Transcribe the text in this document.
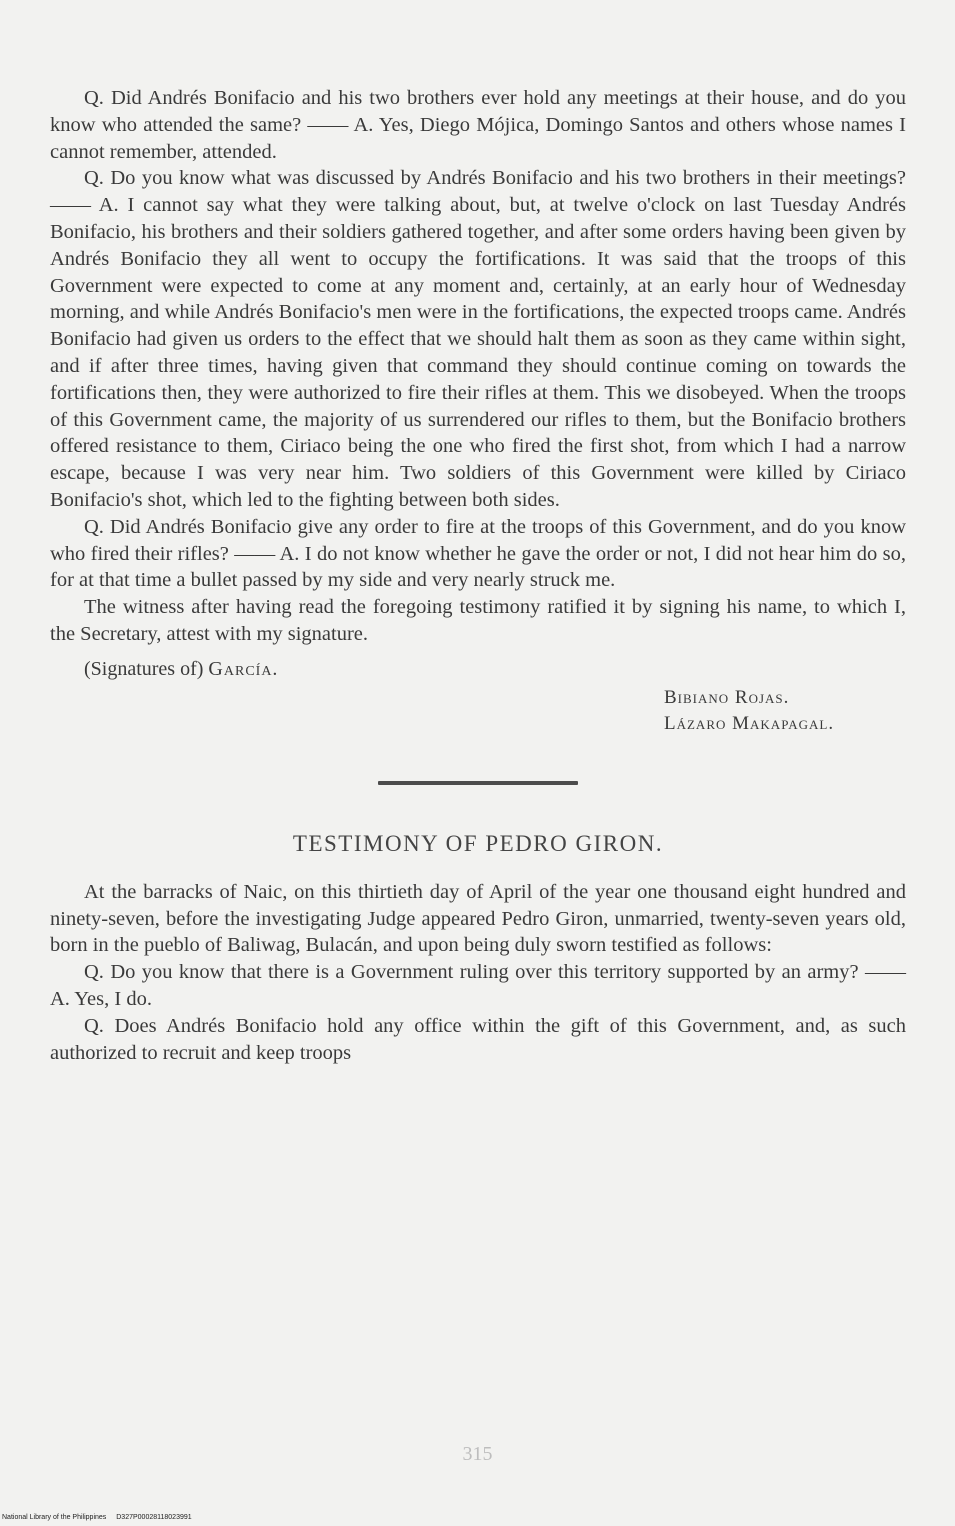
Q. Did Andrés Bonifacio and his two brothers ever hold any meetings at their house, and do you know who attended the same? —— A. Yes, Diego Mójica, Domingo Santos and others whose names I cannot remember, attended.

Q. Do you know what was discussed by Andrés Bonifacio and his two brothers in their meetings? —— A. I cannot say what they were talking about, but, at twelve o'clock on last Tuesday Andrés Bonifacio, his brothers and their soldiers gathered together, and after some orders having been given by Andrés Bonifacio they all went to occupy the fortifications. It was said that the troops of this Government were expected to come at any moment and, certainly, at an early hour of Wednesday morning, and while Andrés Bonifacio's men were in the fortifications, the expected troops came. Andrés Bonifacio had given us orders to the effect that we should halt them as soon as they came within sight, and if after three times, having given that command they should continue coming on towards the fortifications then, they were authorized to fire their rifles at them. This we disobeyed. When the troops of this Government came, the majority of us surrendered our rifles to them, but the Bonifacio brothers offered resistance to them, Ciriaco being the one who fired the first shot, from which I had a narrow escape, because I was very near him. Two soldiers of this Government were killed by Ciriaco Bonifacio's shot, which led to the fighting between both sides.

Q. Did Andrés Bonifacio give any order to fire at the troops of this Government, and do you know who fired their rifles? —— A. I do not know whether he gave the order or not, I did not hear him do so, for at that time a bullet passed by my side and very nearly struck me.

The witness after having read the foregoing testimony ratified it by signing his name, to which I, the Secretary, attest with my signature.

(Signatures of) García.
Bibiano Rojas.
Lázaro Makapagal.
TESTIMONY OF PEDRO GIRON.

At the barracks of Naic, on this thirtieth day of April of the year one thousand eight hundred and ninety-seven, before the investigating Judge appeared Pedro Giron, unmarried, twenty-seven years old, born in the pueblo of Baliwag, Bulacán, and upon being duly sworn testified as follows:

Q. Do you know that there is a Government ruling over this territory supported by an army? —— A. Yes, I do.

Q. Does Andrés Bonifacio hold any office within the gift of this Government, and, as such authorized to recruit and keep troops

315
National Library of the Philippines D327P00028118023991
